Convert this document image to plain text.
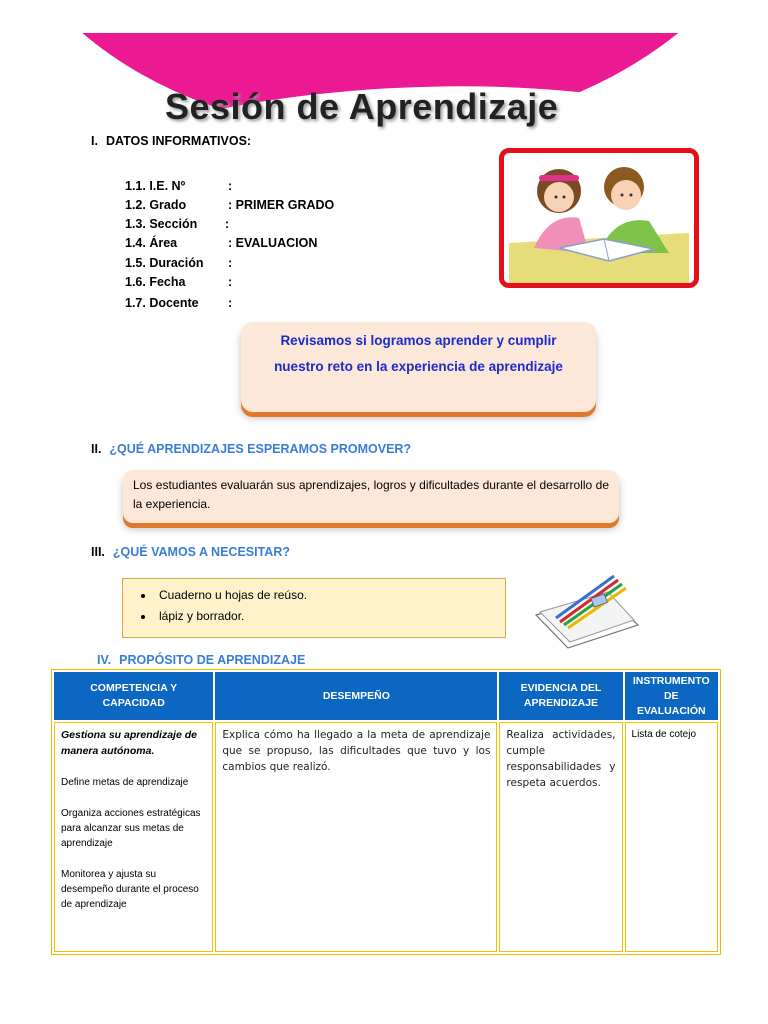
Sesión de Aprendizaje
I. DATOS INFORMATIVOS:
1.1. I.E. Nº	:
1.2. Grado	: PRIMER GRADO
1.3. Sección :
1.4. Área	: EVALUACION
1.5. Duración :
1.6. Fecha	:
1.7. Docente :

Revisamos si logramos aprender y cumplir nuestro reto en la experiencia de aprendizaje

II. ¿QUÉ APRENDIZAJES ESPERAMOS PROMOVER?

Los estudiantes evaluarán sus aprendizajes, logros y dificultades durante el desarrollo de la experiencia.

III. ¿QUÉ VAMOS A NECESITAR?
• Cuaderno u hojas de reúso.
• lápiz y borrador.
IV. PROPÓSITO DE APRENDIZAJE
COMPETENCIA Y CAPACIDAD	DESEMPEÑO	EVIDENCIA DEL APRENDIZAJE	INSTRUMENTO DE EVALUACIÓN

Gestiona su aprendizaje de manera autónoma.

Define metas de aprendizaje

Organiza acciones estratégicas para alcanzar sus metas de aprendizaje

Monitorea y ajusta su desempeño durante el proceso de aprendizaje	Explica cómo ha llegado a la meta de aprendizaje que se propuso, las dificultades que tuvo y los cambios que realizó.	Realiza actividades, cumple responsabilidades y respeta acuerdos.	Lista de cotejo
